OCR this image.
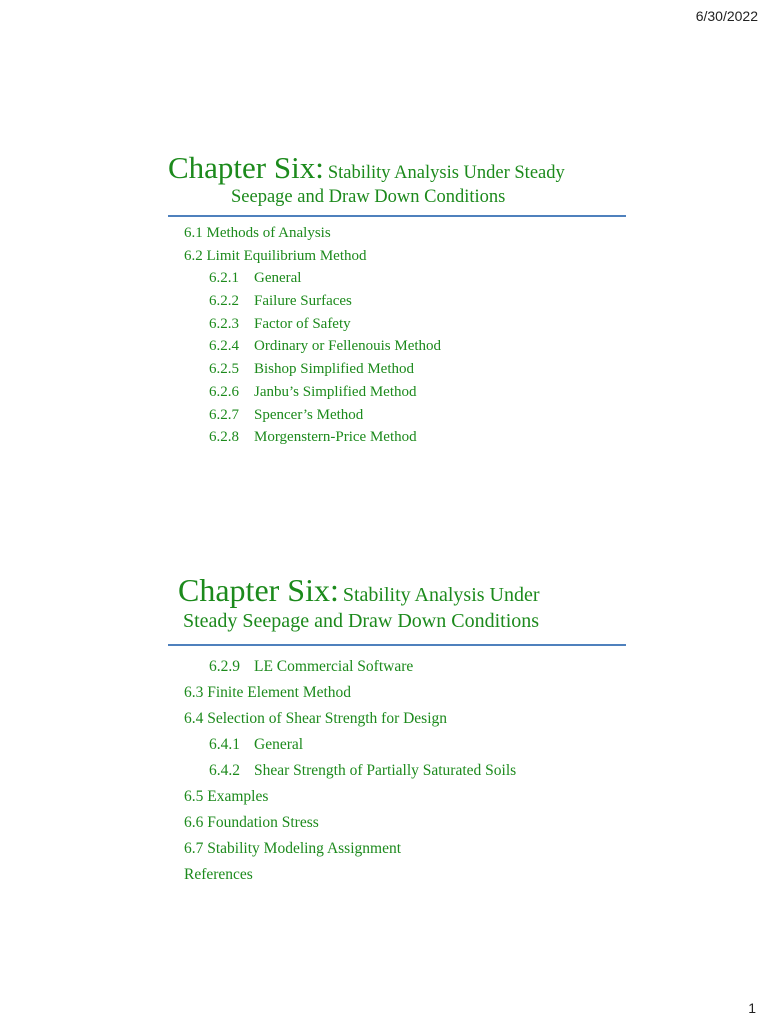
6/30/2022
Chapter Six: Stability Analysis Under Steady
Seepage and Draw Down Conditions
6.1 Methods of Analysis
6.2 Limit Equilibrium Method
6.2.1 General
6.2.2 Failure Surfaces
6.2.3 Factor of Safety
6.2.4 Ordinary or Fellenouis Method
6.2.5 Bishop Simplified Method
6.2.6 Janbu’s Simplified Method
6.2.7 Spencer’s Method
6.2.8 Morgenstern-Price Method
Chapter Six: Stability Analysis Under
Steady Seepage and Draw Down Conditions
6.2.9 LE Commercial Software
6.3 Finite Element Method
6.4 Selection of Shear Strength for Design
6.4.1 General
6.4.2 Shear Strength of Partially Saturated Soils
6.5 Examples
6.6 Foundation Stress
6.7 Stability Modeling Assignment
References
1
